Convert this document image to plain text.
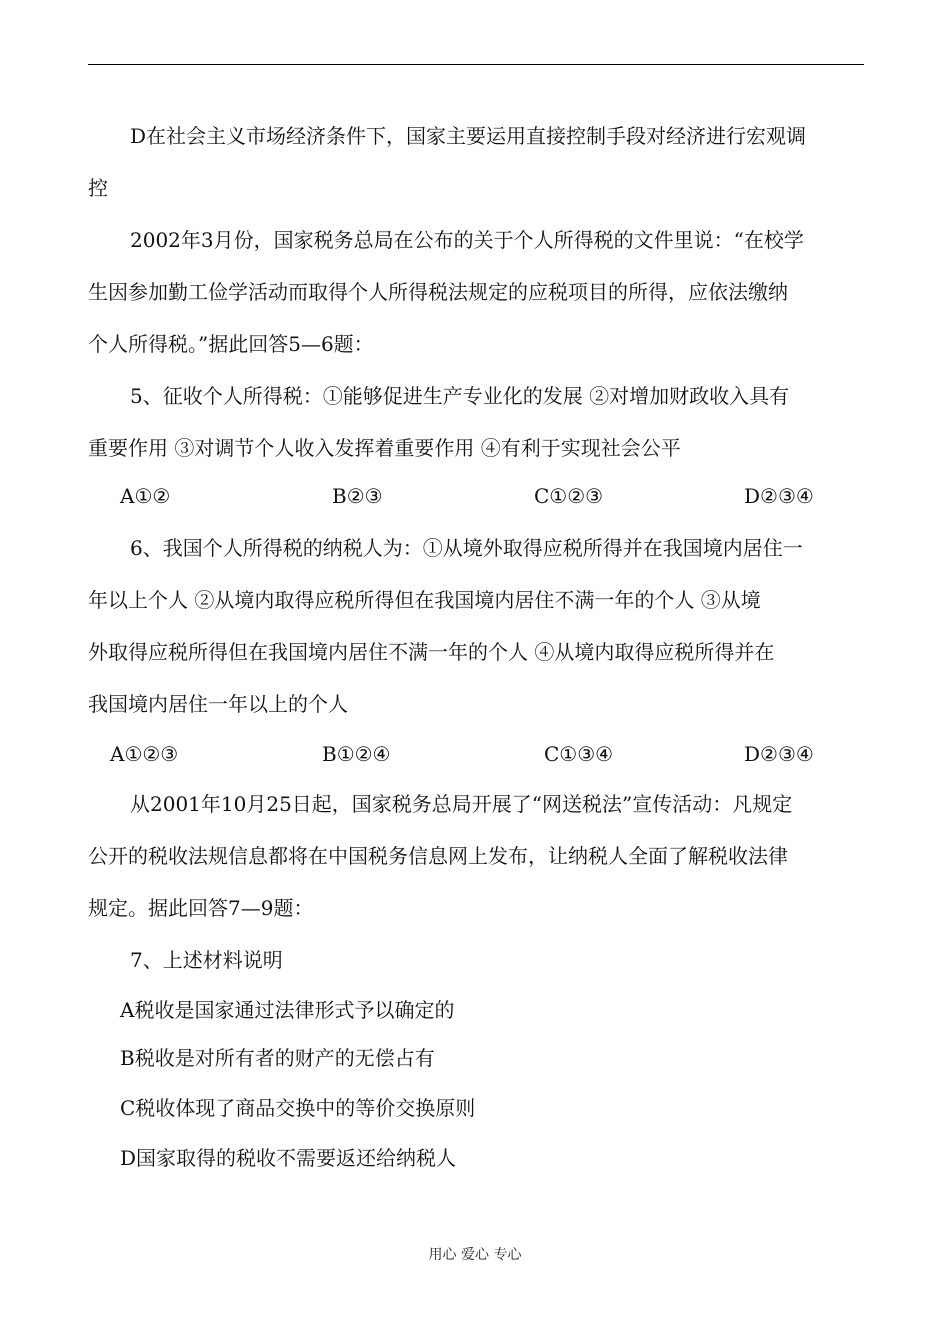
D在社会主义市场经济条件下，国家主要运用直接控制手段对经济进行宏观调
控
2002年3月份，国家税务总局在公布的关于个人所得税的文件里说：“在校学
生因参加勤工俭学活动而取得个人所得税法规定的应税项目的所得，应依法缴纳
个人所得税。”据此回答5—6题：
5、征收个人所得税：①能够促进生产专业化的发展 ②对增加财政收入具有
重要作用 ③对调节个人收入发挥着重要作用 ④有利于实现社会公平
A①②	B②③	C①②③	D②③④
6、我国个人所得税的纳税人为：①从境外取得应税所得并在我国境内居住一
年以上个人 ②从境内取得应税所得但在我国境内居住不满一年的个人 ③从境
外取得应税所得但在我国境内居住不满一年的个人 ④从境内取得应税所得并在
我国境内居住一年以上的个人
A①②③	B①②④	C①③④	D②③④
从2001年10月25日起，国家税务总局开展了“网送税法”宣传活动：凡规定
公开的税收法规信息都将在中国税务信息网上发布，让纳税人全面了解税收法律
规定。据此回答7—9题：
7、上述材料说明
A税收是国家通过法律形式予以确定的
B税收是对所有者的财产的无偿占有
C税收体现了商品交换中的等价交换原则
D国家取得的税收不需要返还给纳税人
用心 爱心 专心
